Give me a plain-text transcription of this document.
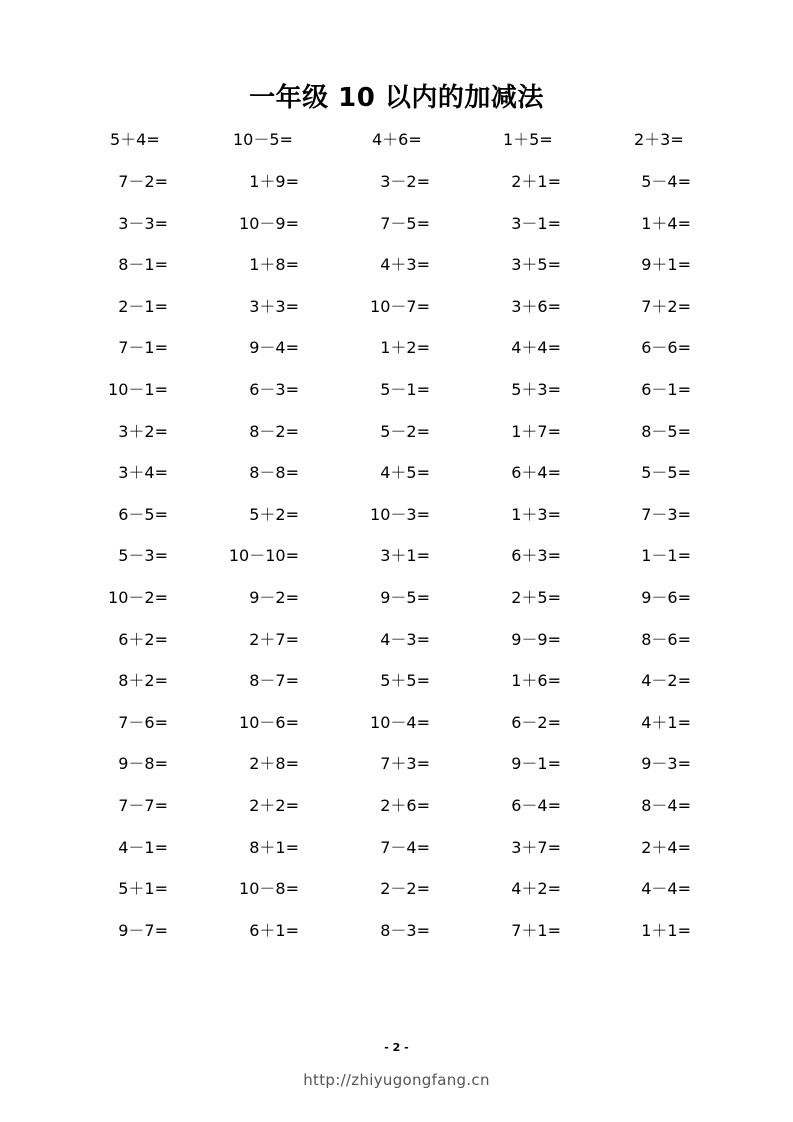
一年级 10 以内的加减法
5＋4=	10－5=	4＋6=	1＋5=	2＋3=
7－2=	1＋9=	3－2=	2＋1=	5－4=
3－3=	10－9=	7－5=	3－1=	1＋4=
8－1=	1＋8=	4＋3=	3＋5=	9＋1=
2－1=	3＋3=	10－7=	3＋6=	7＋2=
7－1=	9－4=	1＋2=	4＋4=	6－6=
10－1=	6－3=	5－1=	5＋3=	6－1=
3＋2=	8－2=	5－2=	1＋7=	8－5=
3＋4=	8－8=	4＋5=	6＋4=	5－5=
6－5=	5＋2=	10－3=	1＋3=	7－3=
5－3=	10－10=	3＋1=	6＋3=	1－1=
10－2=	9－2=	9－5=	2＋5=	9－6=
6＋2=	2＋7=	4－3=	9－9=	8－6=
8＋2=	8－7=	5＋5=	1＋6=	4－2=
7－6=	10－6=	10－4=	6－2=	4＋1=
9－8=	2＋8=	7＋3=	9－1=	9－3=
7－7=	2＋2=	2＋6=	6－4=	8－4=
4－1=	8＋1=	7－4=	3＋7=	2＋4=
5＋1=	10－8=	2－2=	4＋2=	4－4=
9－7=	6＋1=	8－3=	7＋1=	1＋1=
- 2 -
http://zhiyugongfang.cn
